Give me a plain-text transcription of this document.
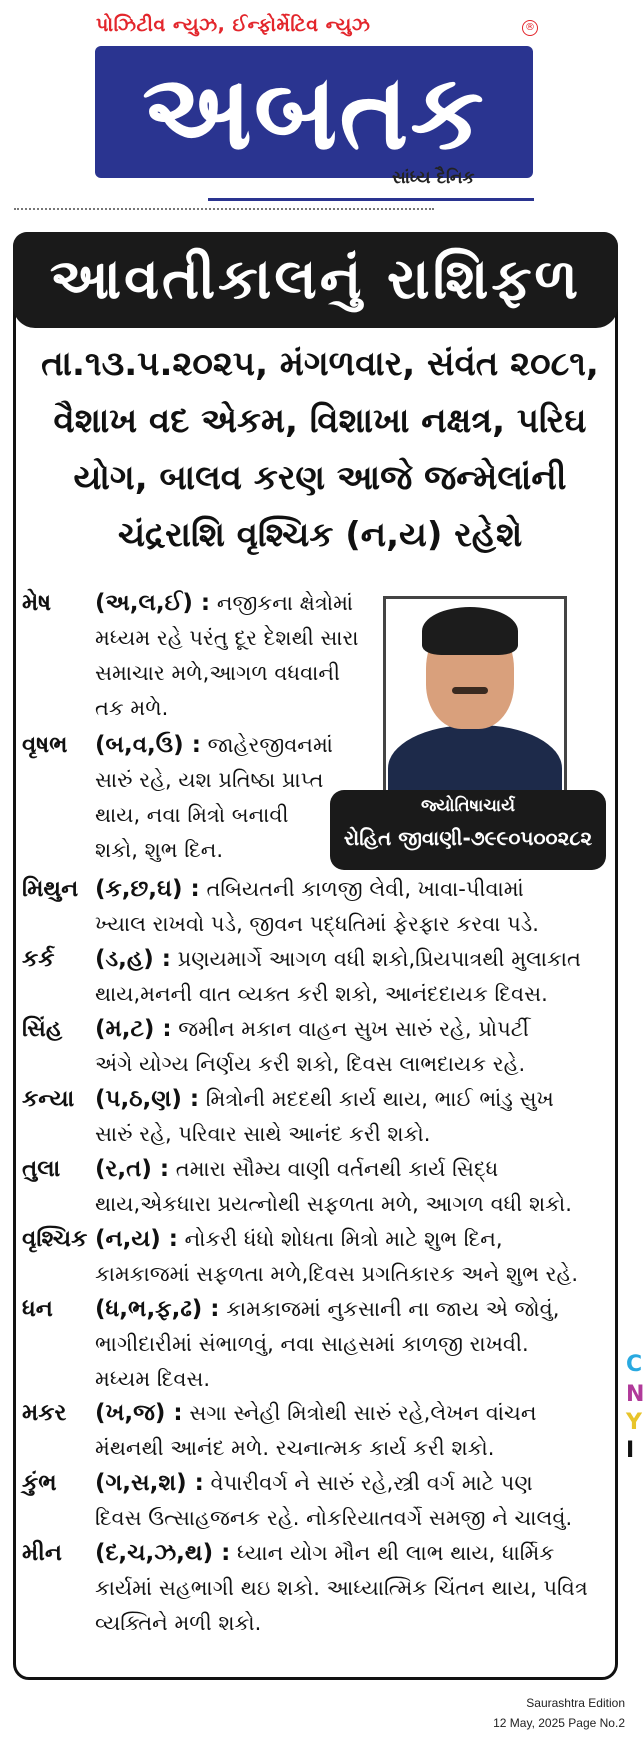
પોઝિટીવ ન્યુઝ, ઈન્ફોર્મેટિવ ન્યુઝ	®
અબતક
સાંધ્ય દૈનિક
આવતીકાલનું રાશિફળ
તા.૧૩.૫.૨૦૨૫, મંગળવાર, સંવંત ૨૦૮૧, વૈશાખ વદ એકમ, વિશાખા નક્ષત્ર, પરિઘ યોગ, બાલવ કરણ આજે જન્મેલાંની ચંદ્રરાશિ વૃશ્ચિક (ન,ય) રહેશે
જ્યોતિષાચાર્ય
રોહિત જીવાણી-૭૯૯૦૫૦૦૨૮૨
મેષ (અ,લ,ઈ) : નજીકના ક્ષેત્રોમાં
મધ્યમ રહે પરંતુ દૂર દેશથી સારા
સમાચાર મળે,આગળ વધવાની
તક મળે.
વૃષભ (બ,વ,ઉ) : જાહેરજીવનમાં
સારું રહે, યશ પ્રતિષ્ઠા પ્રાપ્ત
થાય, નવા મિત્રો બનાવી
શકો, શુભ દિન.
મિથુન (ક,છ,ઘ) : તબિયતની કાળજી લેવી, ખાવા-પીવામાં
ખ્યાલ રાખવો પડે, જીવન પદ્ધતિમાં ફેરફાર કરવા પડે.
કર્ક (ડ,હ) : પ્રણયમાર્ગે આગળ વધી શકો,પ્રિયપાત્રથી મુલાકાત
થાય,મનની વાત વ્યક્ત કરી શકો, આનંદદાયક દિવસ.
સિંહ (મ,ટ) : જમીન મકાન વાહન સુખ સારું રહે, પ્રોપર્ટી
અંગે યોગ્ય નિર્ણય કરી શકો, દિવસ લાભદાયક રહે.
કન્યા (પ,ઠ,ણ) : મિત્રોની મદદથી કાર્ય થાય, ભાઈ ભાંડુ સુખ
સારું રહે, પરિવાર સાથે આનંદ કરી શકો.
તુલા (ર,ત) : તમારા સૌમ્ય વાણી વર્તનથી કાર્ય સિદ્ધ
થાય,એકધારા પ્રયત્નોથી સફળતા મળે, આગળ વધી શકો.
વૃશ્ચિક (ન,ય) : નોકરી ધંધો શોધતા મિત્રો માટે શુભ દિન,
કામકાજમાં સફળતા મળે,દિવસ પ્રગતિકારક અને શુભ રહે.
ધન (ધ,ભ,ફ,ઢ) : કામકાજમાં નુકસાની ના જાય એ જોવું,
ભાગીદારીમાં સંભાળવું, નવા સાહસમાં કાળજી રાખવી.
મધ્યમ દિવસ.
મકર (ખ,જ) : સગા સ્નેહી મિત્રોથી સારું રહે,લેખન વાંચન
મંથનથી આનંદ મળે. રચનાત્મક કાર્ય કરી શકો.
કુંભ (ગ,સ,શ) : વેપારીવર્ગ ને સારું રહે,સ્ત્રી વર્ગ માટે પણ
દિવસ ઉત્સાહજનક રહે. નોકરિયાતવર્ગે સમજી ને ચાલવું.
મીન (દ,ચ,ઝ,થ) : ધ્યાન યોગ મૌન થી લાભ થાય, ધાર્મિક
કાર્યમાં સહભાગી થઇ શકો. આધ્યાત્મિક ચિંતન થાય, પવિત્ર
વ્યક્તિને મળી શકો.
C
N
Y
I
Saurashtra Edition
12 May, 2025 Page No.2
